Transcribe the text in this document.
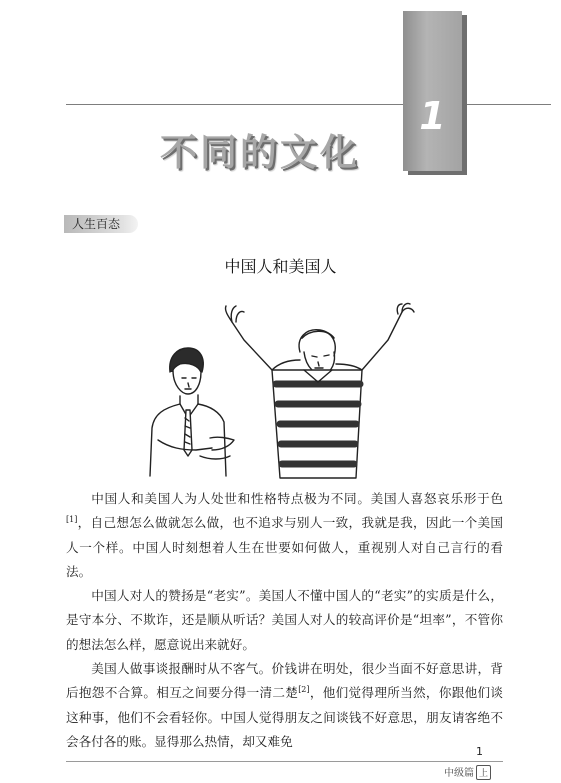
1
不同的文化
人生百态
中国人和美国人

中国人和美国人为人处世和性格特点极为不同。美国人喜怒哀乐形于色[1]，自己想怎么做就怎么做，也不追求与别人一致，我就是我，因此一个美国人一个样。中国人时刻想着人生在世要如何做人，重视别人对自己言行的看法。

中国人对人的赞扬是“老实”。美国人不懂中国人的“老实”的实质是什么，是守本分、不欺诈，还是顺从听话？美国人对人的较高评价是“坦率”，不管你的想法怎么样，愿意说出来就好。

美国人做事谈报酬时从不客气。价钱讲在明处，很少当面不好意思讲，背后抱怨不合算。相互之间要分得一清二楚[2]，他们觉得理所当然，你跟他们谈这种事，他们不会看轻你。中国人觉得朋友之间谈钱不好意思，朋友请客绝不会各付各的账。显得那么热情，却又难免

1
中级篇 上
